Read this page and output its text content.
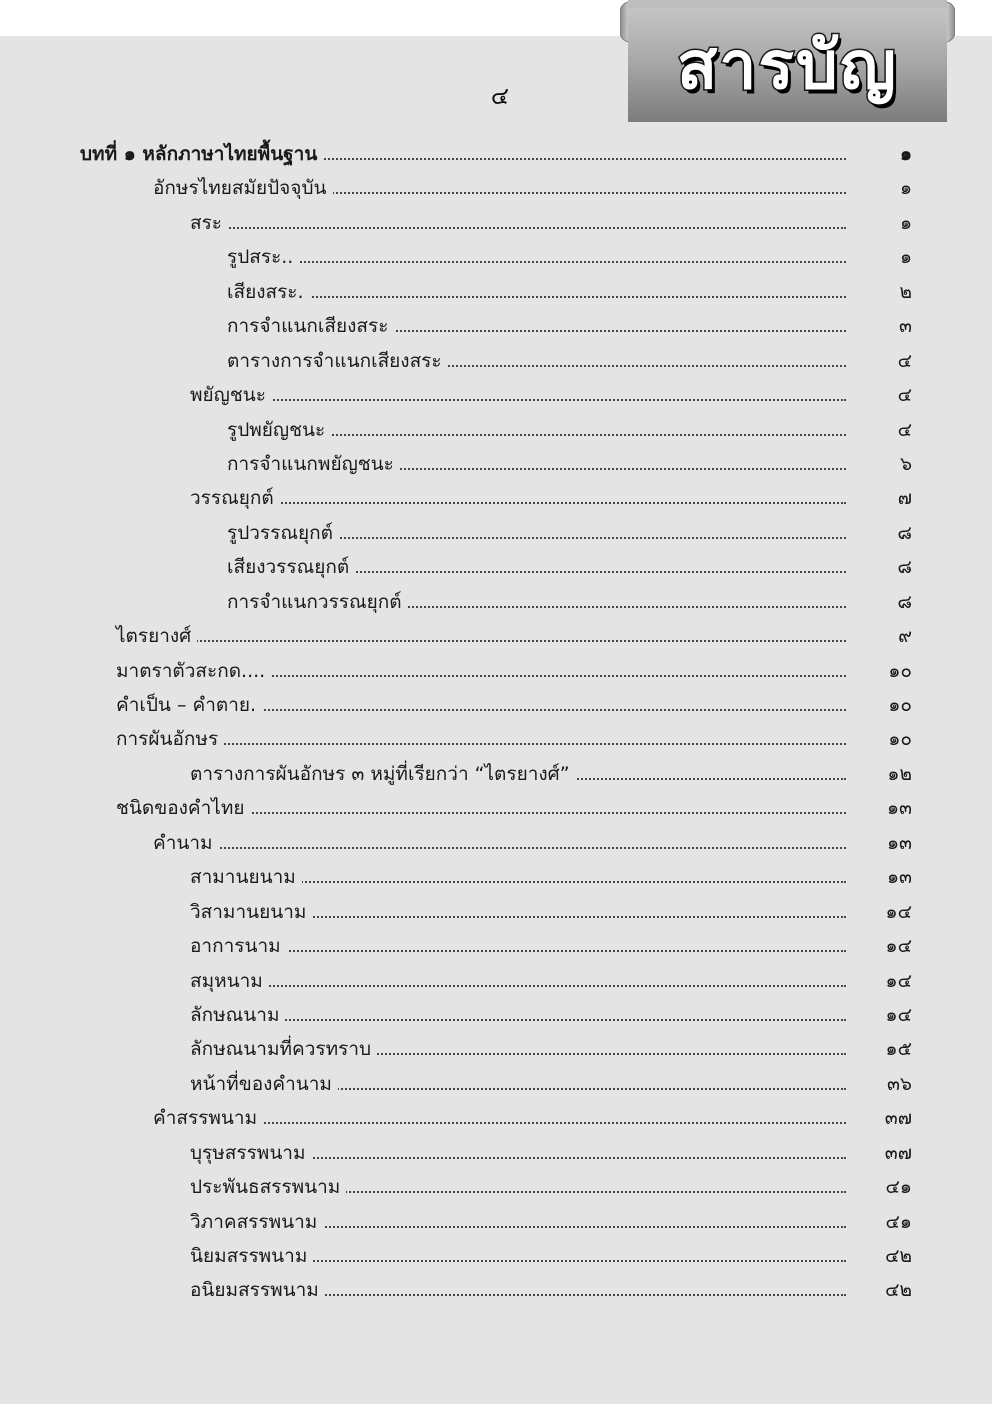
สารบัญ
๔
บทที่ ๑ หลักภาษาไทยพื้นฐาน	๑
อักษรไทยสมัยปัจจุบัน	๑
สระ	๑
รูปสระ..	๑
เสียงสระ.	๒
การจำแนกเสียงสระ	๓
ตารางการจำแนกเสียงสระ	๔
พยัญชนะ	๔
รูปพยัญชนะ	๔
การจำแนกพยัญชนะ	๖
วรรณยุกต์	๗
รูปวรรณยุกต์	๘
เสียงวรรณยุกต์	๘
การจำแนกวรรณยุกต์	๘
ไตรยางศ์	๙
มาตราตัวสะกด....	๑๐
คำเป็น – คำตาย.	๑๐
การผันอักษร	๑๐
ตารางการผันอักษร ๓ หมู่ที่เรียกว่า “ไตรยางศ์”	๑๒
ชนิดของคำไทย	๑๓
คำนาม	๑๓
สามานยนาม	๑๓
วิสามานยนาม	๑๔
อาการนาม	๑๔
สมุหนาม	๑๔
ลักษณนาม	๑๔
ลักษณนามที่ควรทราบ	๑๕
หน้าที่ของคำนาม	๓๖
คำสรรพนาม	๓๗
บุรุษสรรพนาม	๓๗
ประพันธสรรพนาม	๔๑
วิภาคสรรพนาม	๔๑
นิยมสรรพนาม	๔๒
อนิยมสรรพนาม	๔๒
